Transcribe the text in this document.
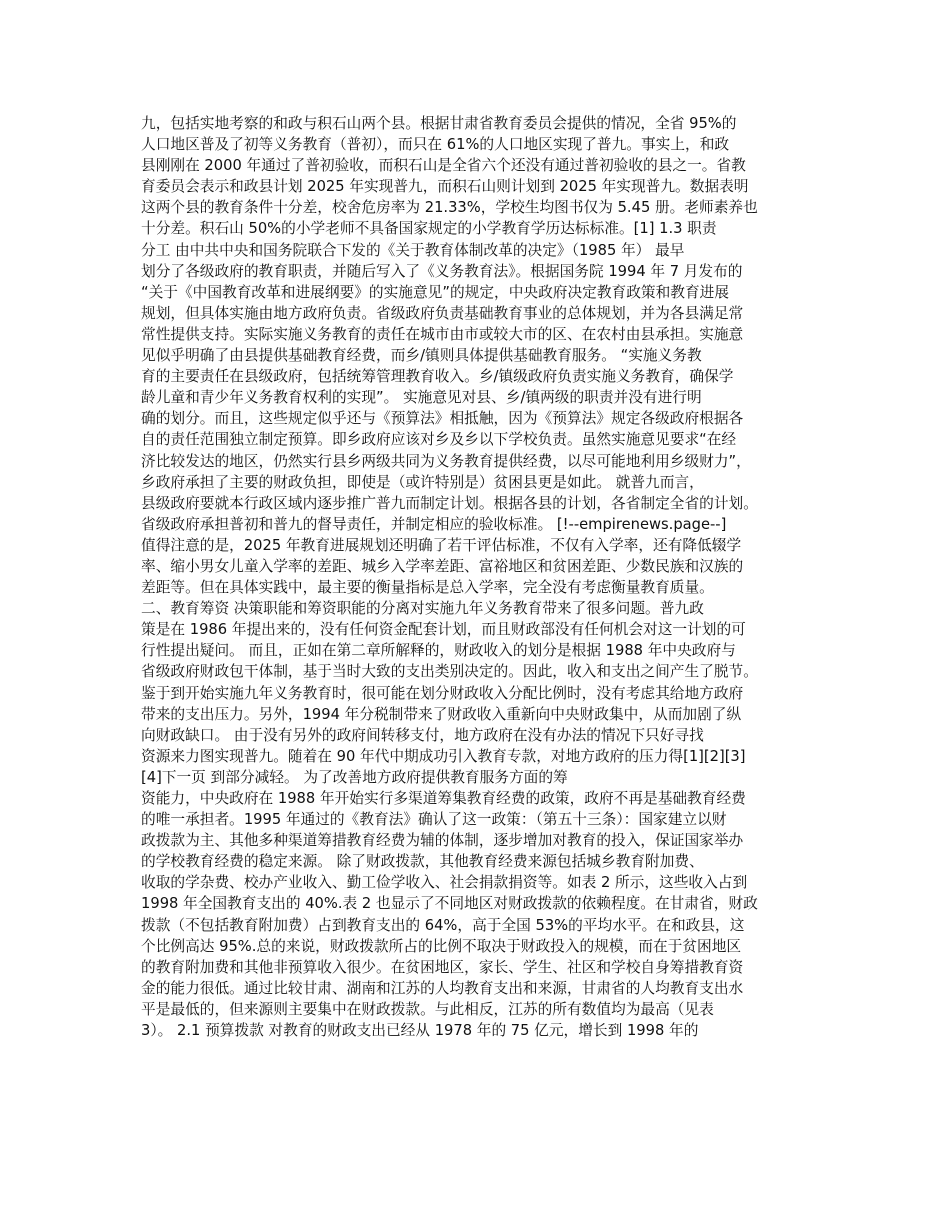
九，包括实地考察的和政与积石山两个县。根据甘肃省教育委员会提供的情况，全省 95%的
人口地区普及了初等义务教育（普初），而只在 61%的人口地区实现了普九。事实上，和政
县刚刚在 2000 年通过了普初验收，而积石山是全省六个还没有通过普初验收的县之一。省教
育委员会表示和政县计划 2025 年实现普九，而积石山则计划到 2025 年实现普九。数据表明
这两个县的教育条件十分差，校舍危房率为 21.33%，学校生均图书仅为 5.45 册。老师素养也
十分差。积石山 50%的小学老师不具备国家规定的小学教育学历达标标准。[1] 1.3 职责
分工 由中共中央和国务院联合下发的《关于教育体制改革的决定》（1985 年） 最早
划分了各级政府的教育职责，并随后写入了《义务教育法》。根据国务院 1994 年 7 月发布的
“关于《中国教育改革和进展纲要》的实施意见”的规定，中央政府决定教育政策和教育进展
规划，但具体实施由地方政府负责。省级政府负责基础教育事业的总体规划，并为各县满足常
常性提供支持。实际实施义务教育的责任在城市由市或较大市的区、在农村由县承担。实施意
见似乎明确了由县提供基础教育经费，而乡/镇则具体提供基础教育服务。 “实施义务教
育的主要责任在县级政府，包括统筹管理教育收入。乡/镇级政府负责实施义务教育，确保学
龄儿童和青少年义务教育权利的实现”。 实施意见对县、乡/镇两级的职责并没有进行明
确的划分。而且，这些规定似乎还与《预算法》相抵触，因为《预算法》规定各级政府根据各
自的责任范围独立制定预算。即乡政府应该对乡及乡以下学校负责。虽然实施意见要求“在经
济比较发达的地区，仍然实行县乡两级共同为义务教育提供经费，以尽可能地利用乡级财力”，
乡政府承担了主要的财政负担，即使是（或许特别是）贫困县更是如此。 就普九而言，
县级政府要就本行政区域内逐步推广普九而制定计划。根据各县的计划，各省制定全省的计划。
省级政府承担普初和普九的督导责任，并制定相应的验收标准。 [!--empirenews.page--]
值得注意的是，2025 年教育进展规划还明确了若干评估标准，不仅有入学率，还有降低辍学
率、缩小男女儿童入学率的差距、城乡入学率差距、富裕地区和贫困差距、少数民族和汉族的
差距等。但在具体实践中，最主要的衡量指标是总入学率，完全没有考虑衡量教育质量。
二、教育筹资 决策职能和筹资职能的分离对实施九年义务教育带来了很多问题。普九政
策是在 1986 年提出来的，没有任何资金配套计划，而且财政部没有任何机会对这一计划的可
行性提出疑问。 而且，正如在第二章所解释的，财政收入的划分是根据 1988 年中央政府与
省级政府财政包干体制，基于当时大致的支出类别决定的。因此，收入和支出之间产生了脱节。
鉴于到开始实施九年义务教育时，很可能在划分财政收入分配比例时，没有考虑其给地方政府
带来的支出压力。另外，1994 年分税制带来了财政收入重新向中央财政集中，从而加剧了纵
向财政缺口。 由于没有另外的政府间转移支付，地方政府在没有办法的情况下只好寻找
资源来力图实现普九。随着在 90 年代中期成功引入教育专款，对地方政府的压力得[1][2][3]
[4]下一页 到部分减轻。 为了改善地方政府提供教育服务方面的筹
资能力，中央政府在 1988 年开始实行多渠道筹集教育经费的政策，政府不再是基础教育经费
的唯一承担者。1995 年通过的《教育法》确认了这一政策：（第五十三条）：国家建立以财
政拨款为主、其他多种渠道筹措教育经费为辅的体制，逐步增加对教育的投入，保证国家举办
的学校教育经费的稳定来源。 除了财政拨款，其他教育经费来源包括城乡教育附加费、
收取的学杂费、校办产业收入、勤工俭学收入、社会捐款捐资等。如表 2 所示，这些收入占到
1998 年全国教育支出的 40%.表 2 也显示了不同地区对财政拨款的依赖程度。在甘肃省，财政
拨款（不包括教育附加费）占到教育支出的 64%，高于全国 53%的平均水平。在和政县，这
个比例高达 95%.总的来说，财政拨款所占的比例不取决于财政投入的规模，而在于贫困地区
的教育附加费和其他非预算收入很少。在贫困地区，家长、学生、社区和学校自身筹措教育资
金的能力很低。通过比较甘肃、湖南和江苏的人均教育支出和来源，甘肃省的人均教育支出水
平是最低的，但来源则主要集中在财政拨款。与此相反，江苏的所有数值均为最高（见表
3）。 2.1 预算拨款 对教育的财政支出已经从 1978 年的 75 亿元，增长到 1998 年的
